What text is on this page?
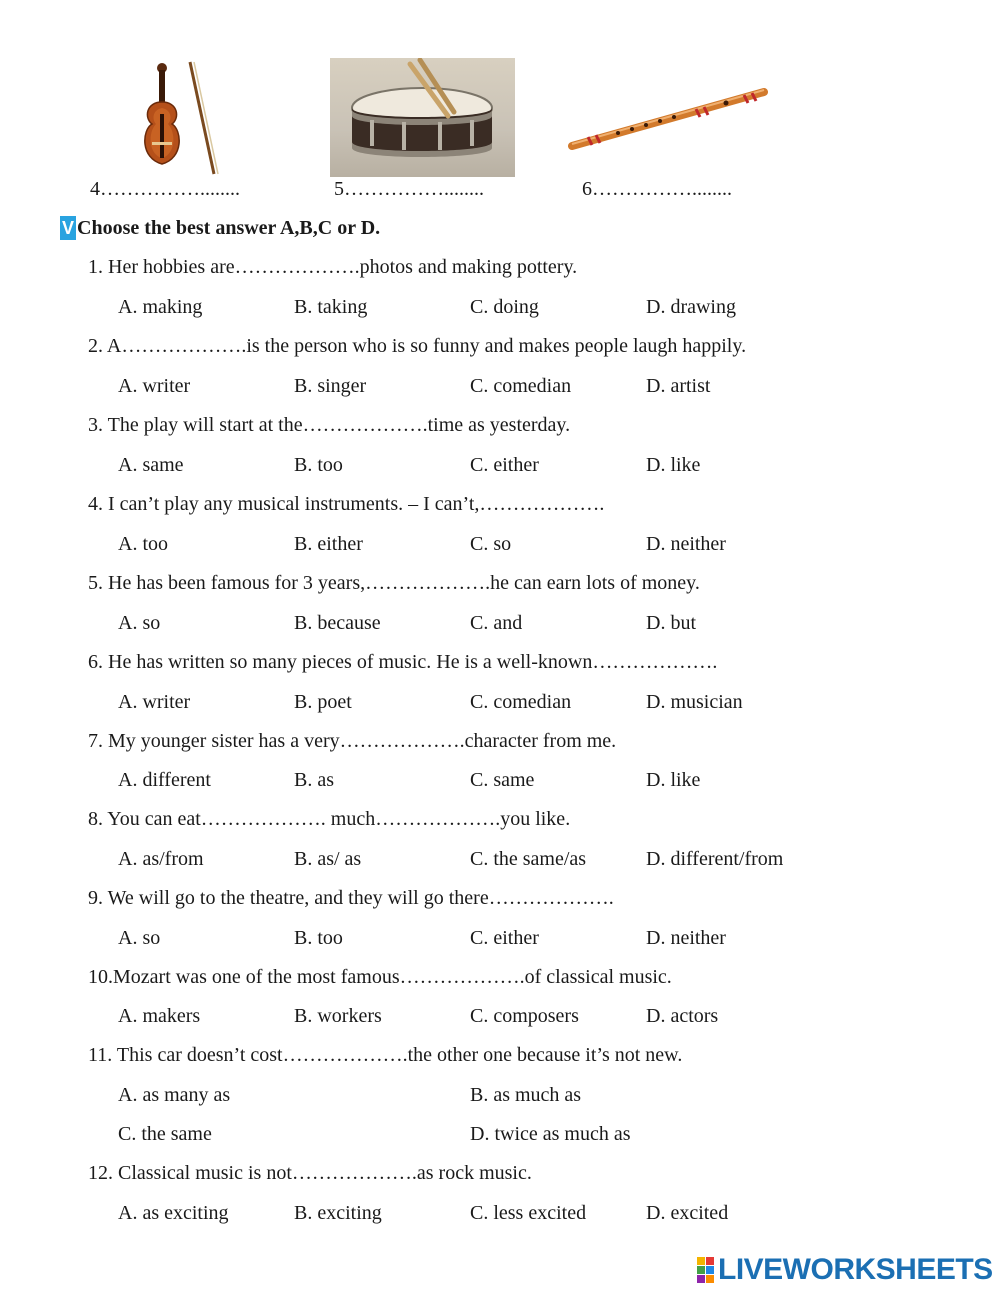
4……………........	5……………........	6……………........
V Choose the best answer A,B,C or D.
1. Her hobbies are……………….photos and making pottery.
A. making	B. taking	C. doing	D. drawing
2. A……………….is the person who is so funny and makes people laugh happily.
A. writer	B. singer	C. comedian	D. artist
3. The play will start at the……………….time as yesterday.
A. same	B. too	C. either	D. like
4. I can’t play any musical instruments. – I can’t,……………….
A. too	B. either	C. so	D. neither
5. He has been famous for 3 years,……………….he can earn lots of money.
A. so	B. because	C. and	D. but
6. He has written so many pieces of music. He is a well-known……………….
A. writer	B. poet	C. comedian	D. musician
7. My younger sister has a very……………….character from me.
A. different	B. as	C. same	D. like
8. You can eat………………. much……………….you like.
A. as/from	B. as/ as	C. the same/as	D. different/from
9. We will go to the theatre, and they will go there……………….
A. so	B. too	C. either	D. neither
10.Mozart was one of the most famous……………….of classical music.
A. makers	B. workers	C. composers	D. actors
11. This car doesn’t cost……………….the other one because it’s not new.
A. as many as	B. as much as
C. the same	D. twice as much as
12. Classical music is not……………….as rock music.
A. as exciting	B. exciting	C. less excited	D. excited
LIVEWORKSHEETS
